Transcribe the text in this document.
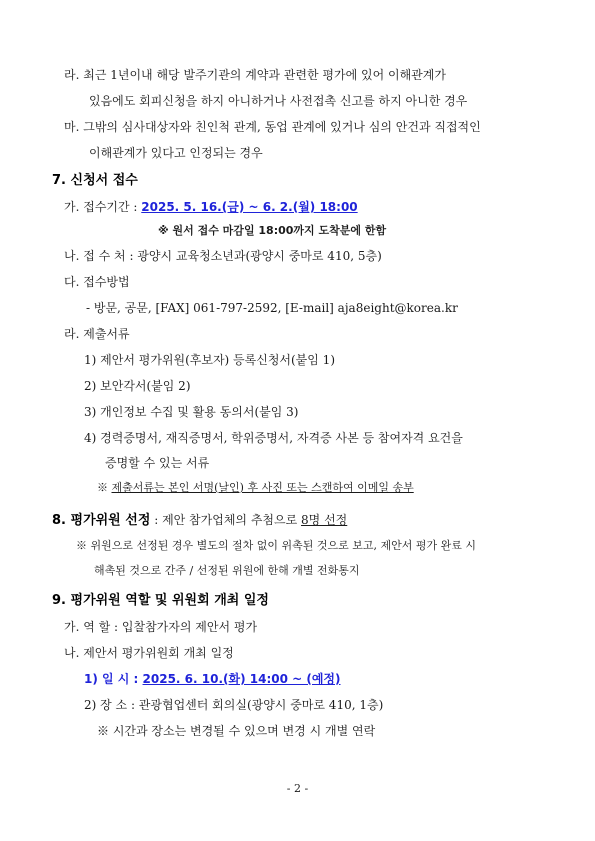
라. 최근 1년이내 해당 발주기관의 계약과 관련한 평가에 있어 이해관계가
있음에도 회피신청을 하지 아니하거나 사전접촉 신고를 하지 아니한 경우
마. 그밖의 심사대상자와 친인척 관계, 동업 관계에 있거나 심의 안건과 직접적인
이해관계가 있다고 인정되는 경우
7. 신청서 접수
가. 접수기간 : 2025. 5. 16.(금) ~ 6. 2.(월) 18:00
※ 원서 접수 마감일 18:00까지 도착분에 한함
나. 접 수 처 : 광양시 교육청소년과(광양시 중마로 410, 5층)
다. 접수방법
- 방문, 공문, [FAX] 061-797-2592, [E-mail] aja8eight@korea.kr
라. 제출서류
1) 제안서 평가위원(후보자) 등록신청서(붙임 1)
2) 보안각서(붙임 2)
3) 개인정보 수집 및 활용 동의서(붙임 3)
4) 경력증명서, 재직증명서, 학위증명서, 자격증 사본 등 참여자격 요건을
증명할 수 있는 서류
※ 제출서류는 본인 서명(날인) 후 사진 또는 스캔하여 이메일 송부
8. 평가위원 선정 : 제안 참가업체의 추첨으로 8명 선정
※ 위원으로 선정된 경우 별도의 절차 없이 위촉된 것으로 보고, 제안서 평가 완료 시
해촉된 것으로 간주 / 선정된 위원에 한해 개별 전화통지
9. 평가위원 역할 및 위원회 개최 일정
가. 역 할 : 입찰참가자의 제안서 평가
나. 제안서 평가위원회 개최 일정
1) 일 시 : 2025. 6. 10.(화) 14:00 ~ (예정)
2) 장 소 : 관광협업센터 회의실(광양시 중마로 410, 1층)
※ 시간과 장소는 변경될 수 있으며 변경 시 개별 연락
- 2 -
